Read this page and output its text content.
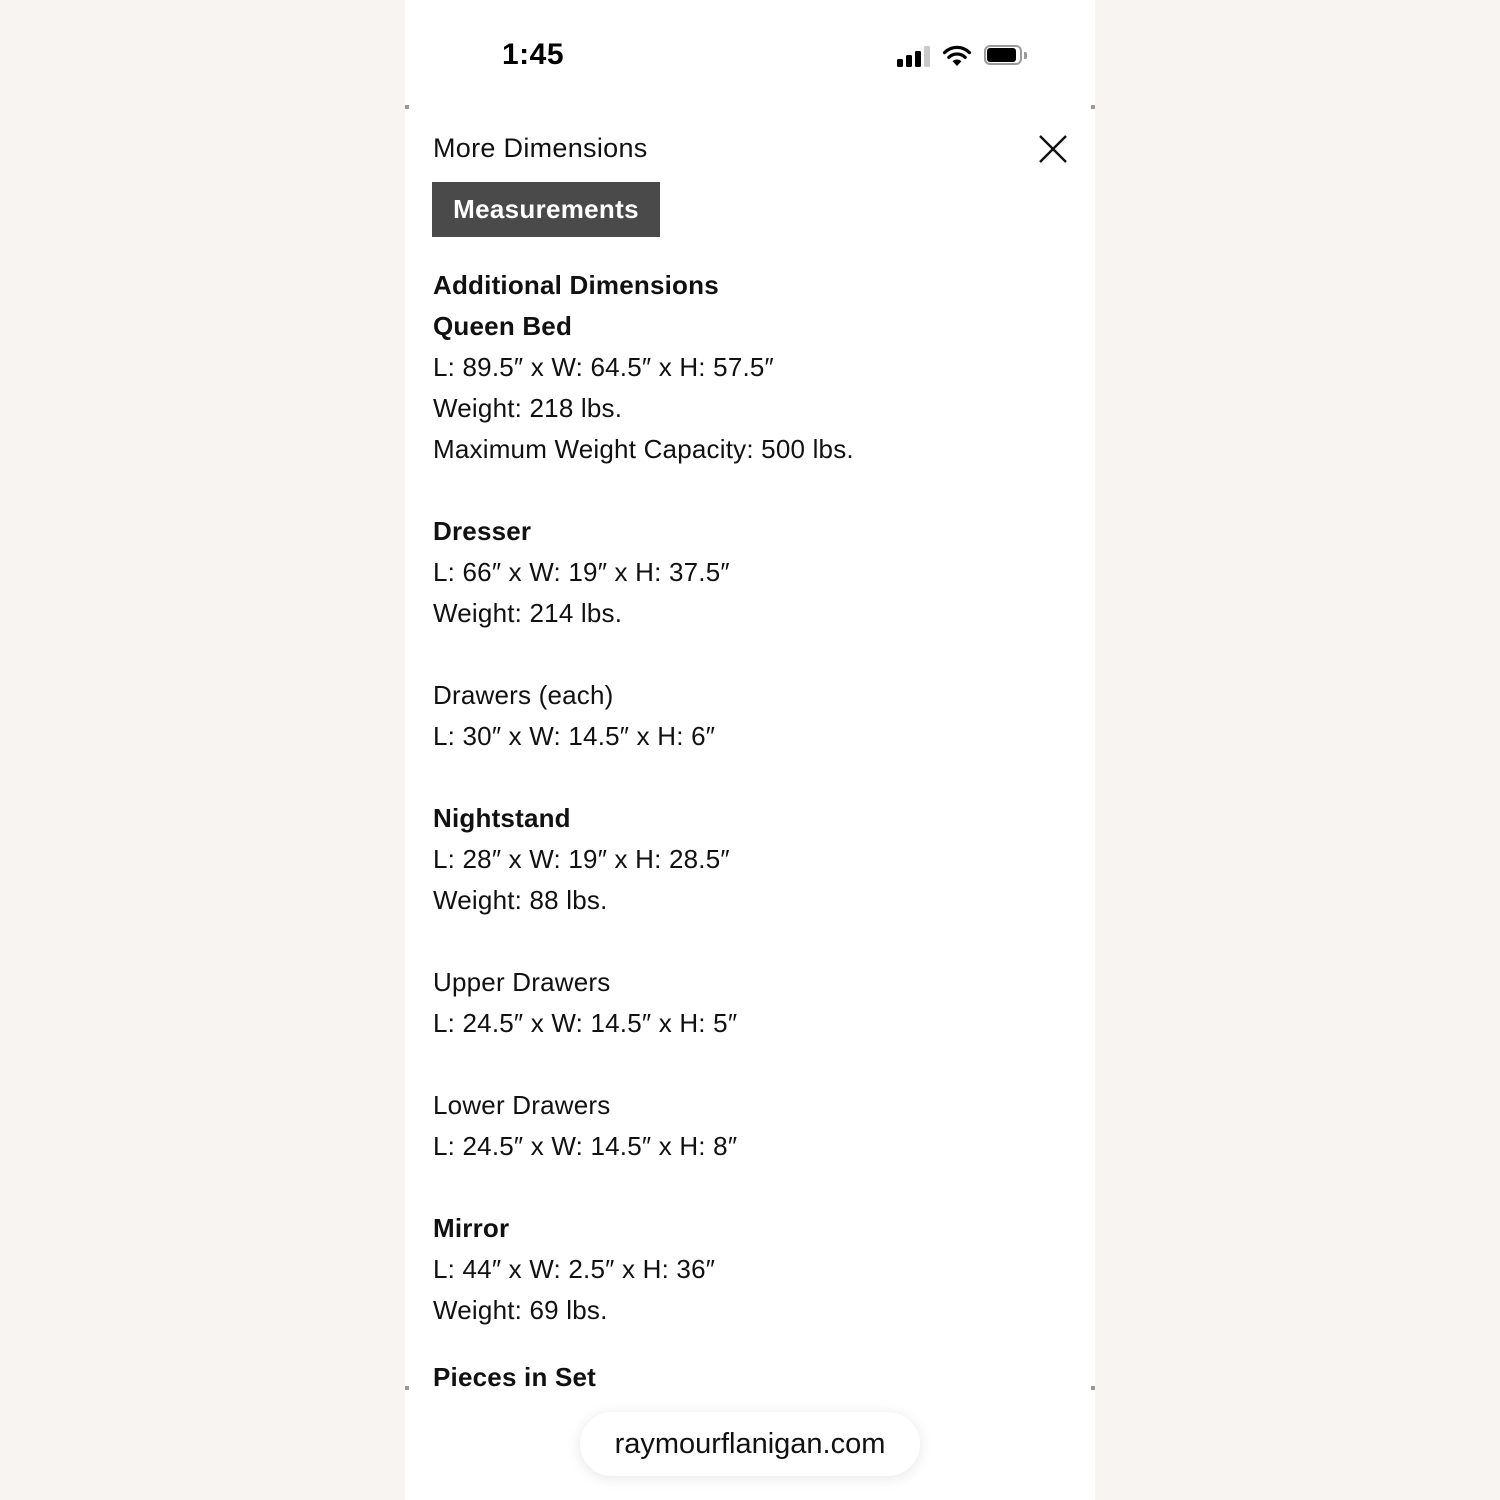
1:45
More Dimensions
Measurements
Additional Dimensions
Queen Bed
L: 89.5″ x W: 64.5″ x H: 57.5″
Weight: 218 lbs.
Maximum Weight Capacity: 500 lbs.
Dresser
L: 66″ x W: 19″ x H: 37.5″
Weight: 214 lbs.
Drawers (each)
L: 30″ x W: 14.5″ x H: 6″
Nightstand
L: 28″ x W: 19″ x H: 28.5″
Weight: 88 lbs.
Upper Drawers
L: 24.5″ x W: 14.5″ x H: 5″
Lower Drawers
L: 24.5″ x W: 14.5″ x H: 8″
Mirror
L: 44″ x W: 2.5″ x H: 36″
Weight: 69 lbs.
Pieces in Set
raymourflanigan.com
